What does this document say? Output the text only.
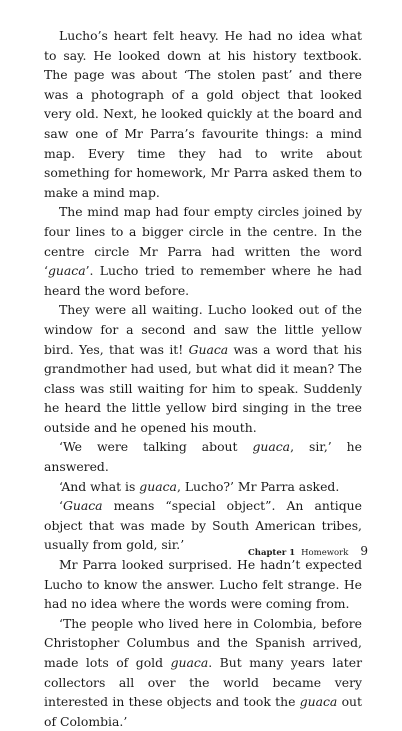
Lucho’s heart felt heavy. He had no idea what to say. He looked down at his history textbook. The page was about ‘The stolen past’ and there was a photograph of a gold object that looked very old. Next, he looked quickly at the board and saw one of Mr Parra’s favourite things: a mind map. Every time they had to write about something for homework, Mr Parra asked them to make a mind map.

The mind map had four empty circles joined by four lines to a bigger circle in the centre. In the centre circle Mr Parra had written the word ‘guaca’. Lucho tried to remember where he had heard the word before.

They were all waiting. Lucho looked out of the window for a second and saw the little yellow bird. Yes, that was it! Guaca was a word that his grandmother had used, but what did it mean? The class was still waiting for him to speak. Suddenly he heard the little yellow bird singing in the tree outside and he opened his mouth.

‘We were talking about guaca, sir,’ he answered.

‘And what is guaca, Lucho?’ Mr Parra asked.

‘Guaca means “special object”. An antique object that was made by South American tribes, usually from gold, sir.’

Mr Parra looked surprised. He hadn’t expected Lucho to know the answer. Lucho felt strange. He had no idea where the words were coming from.

‘The people who lived here in Colombia, before Christopher Columbus and the Spanish arrived, made lots of gold guaca. But many years later collectors all over the world became very interested in these objects and took the guaca out of Colombia.’

Chapter 1 Homework 9
